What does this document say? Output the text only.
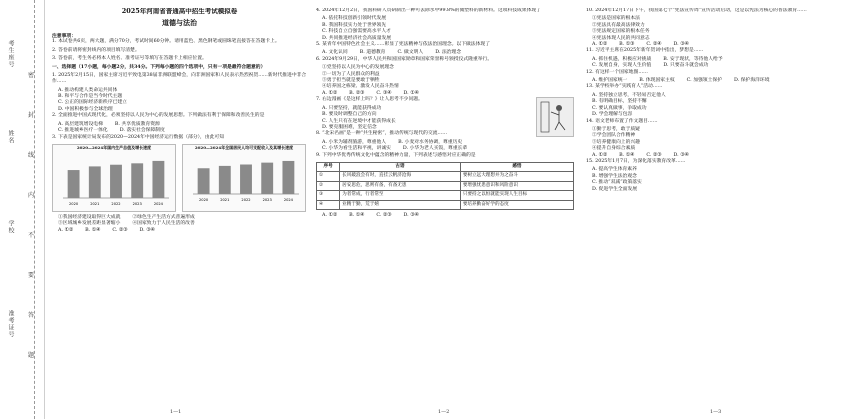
考生座号
姓名
学校
准考证号
密
封
线
内
不
要
答
题
2025年河南省普通高中招生考试模拟卷
道德与法治
注意事项：
1. 本试卷共6页，两大题，满分70分，考试时间60分钟。请用蓝色、黑色钢笔或圆珠笔直接答在答题卡上。
2. 答卷前请将密封线内的项目填写清楚。
3. 答卷前，考生务必将本人姓名、准考证号等填写在答题卡上相应位置。
一、选择题（17小题，每小题2分，共34分。下列每小题的四个选项中，只有一项是最符合题意的）
1. 2025年2月15日，国家主席习近平致电第38届非洲联盟峰会，向非洲国家和人民表示热烈祝贺……新时代推进中非合作……
A. 推动构建人类命运共同体
B. 和平与合作是当今时代主题
C. 公正的国际经济新秩序已建立
D. 中国积极参与全球治理
2. 全面推进中国式现代化，必须坚持以人民为中心的发展思想。下列做法有利于保障和改善民生的是
A. 高层建筑增设电梯	B. 共享优质教育资源
C. 推进城乡医疗一体化	D. 落实社会保障制度
3. 下表是国家统计局发布的2020—2024年中国经济运行数据（部分），由此可知
2020—2024年国内生产总值及增长速度
2020	2021	2022	2023	2024
2020—2024年全国居民人均可支配收入及其增长速度
2020	2021	2022	2023	2024
①我国经济建设取得巨大成就	②绿色生产生活方式普遍形成
③区域城乡发展差距显著缩小	④国家致力于人民生活的改善
A. ①②	B. ①④	C. ②③	D. ③④
1—1
4. 2024年12月2日，我国科研人员研制出一种可去除水中99.8%的微塑料的新材料。这项科技成果体现了
A. 依托科技创新引领时代发展
B. 我国科技实力处于世界领先
C. 科技自立自强需要高水平人才
D. 共同推进经济社会高质量发展
5. 某青年中国特色社会主义……彰显了宪法精神与依法治国理念。以下做法体现了
A. 文化认同	B. 道德教育	C. 做文明人	D. 法治理念
6. 2024年9月29日，中华人民共和国国家勋章和国家荣誉称号颁授仪式隆重举行。
①党坚持以人民为中心的发展理念
②一切为了人民群众的利益
③勇于担当就是要敢于牺牲
④培养国之栋梁、激发人民奋斗热情
A. ①②	B. ②③	C. ③④	D. ①④
7. 右边漫画《是这样上吗？》让人思考不少问题。
A. 只要坚持，就能获得成功
B. 要及时调整自己的方向
C. 人生只有在逆境中才能获得成长
D. 要克服困难，坚定信念
8. “北宋名画”是一种“共生秘密”，推动传统与现代的交流……
A. 小米为辅剂旅游，尊重他人	B. 小麦对水务协调，尊重历史
C. 小华为看生活和平视，讲诚实	D. 小华为老人买饭，尊重长辈
9. 下列中华优秀传统文化中蕴含的精神力量，下列表述与感悟对应正确的是
序号	古语	感悟
①	长风破浪会有时，直挂云帆济沧海	要树立远大理想并为之奋斗
②	居安思危，思则有备，有备无患	要增强忧患意识和风险意识
③	为者常成，行者常至	只要持之以恒就能实现人生目标
④	业精于勤，荒于嬉	要培养勤奋好学的态度
A. ①②	B. ①④	C. ②③	D. ③④
1—2
10. 2024年12月17日下午，我国第七个“宪法宣传周”宣传活动启动，这是以宪法为核心的普法教育……
①宪法是国家的根本法
②宪法具有最高法律效力
③宪法规定国家的根本任务
④宪法体现人民的共同意志
A. ①②	B. ①③	C. ②④	D. ③④
11. 习近平主席在2025年新年贺词中指出，梦想是……
A. 抓住机遇，积极应对挑战	B. 安于现状，等待他人给予
C. 发展自身，实现人生价值	D. 只要奋斗就会成功
12. 有这样一个国家地图……
A. 维护国家统一	B. 体现国家主权	C. 加强领土保护	D. 保护海洋环境
13. 某学校举办“实践育人”活动……
A. 坚持独立思考，不轻易否定他人
B. 有明确目标，坚持不懈
C. 要认真做事，争取成功
D. 学会理解与包容
14. 语文老师布置了作文题目……
①勤于思考，敢于质疑
②学会团队合作精神
③培养健康向上的兴趣
④提升自身综合素质
A. ①②	B. ①④	C. ②③	D. ③④
15. 2025年1月7日，为深化落实教育改革……
A. 提高学生体育素养
B. 增强学生法治观念
C. 推动“双减”政策落实
D. 促进学生全面发展
1—3
